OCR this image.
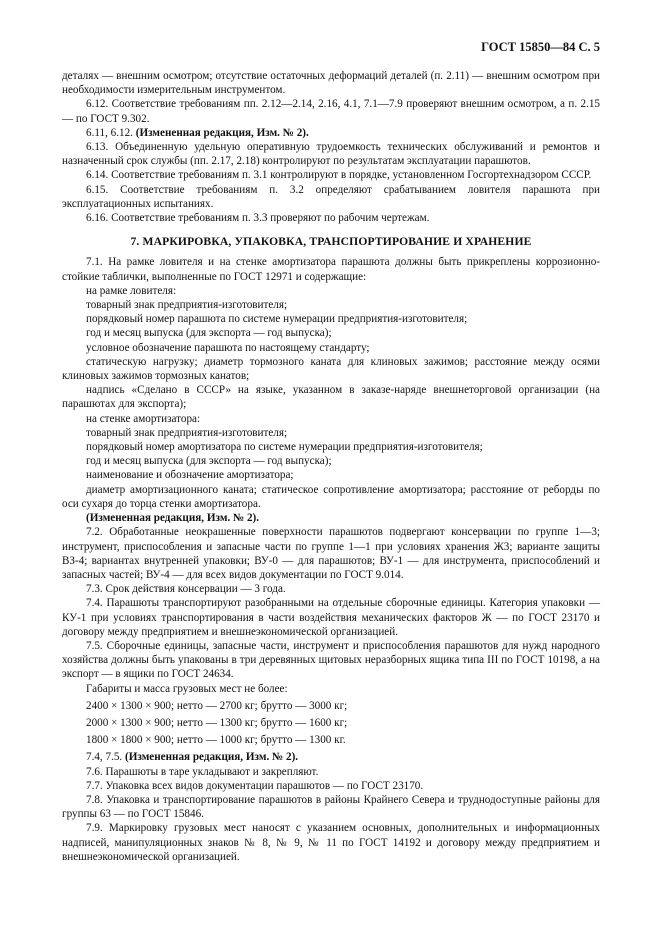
ГОСТ 15850—84 С. 5

деталях — внешним осмотром; отсутствие остаточных деформаций деталей (п. 2.11) — внешним осмотром при необходимости измерительным инструментом.

6.12. Соответствие требованиям пп. 2.12—2.14, 2.16, 4.1, 7.1—7.9 проверяют внешним осмотром, а п. 2.15 — по ГОСТ 9.302.

6.11, 6.12. (Измененная редакция, Изм. № 2).

6.13. Объединенную удельную оперативную трудоемкость технических обслуживаний и ремонтов и назначенный срок службы (пп. 2.17, 2.18) контролируют по результатам эксплуатации парашютов.

6.14. Соответствие требованиям п. 3.1 контролируют в порядке, установленном Госгортехнадзором СССР.

6.15. Соответствие требованиям п. 3.2 определяют срабатыванием ловителя парашюта при эксплуатационных испытаниях.

6.16. Соответствие требованиям п. 3.3 проверяют по рабочим чертежам.

7. МАРКИРОВКА, УПАКОВКА, ТРАНСПОРТИРОВАНИЕ И ХРАНЕНИЕ

7.1. На рамке ловителя и на стенке амортизатора парашюта должны быть прикреплены коррозионно-стойкие таблички, выполненные по ГОСТ 12971 и содержащие:

на рамке ловителя:

товарный знак предприятия-изготовителя;

порядковый номер парашюта по системе нумерации предприятия-изготовителя;

год и месяц выпуска (для экспорта — год выпуска);

условное обозначение парашюта по настоящему стандарту;

статическую нагрузку; диаметр тормозного каната для клиновых зажимов; расстояние между осями клиновых зажимов тормозных канатов;

надпись «Сделано в СССР» на языке, указанном в заказе-наряде внешнеторговой организации (на парашютах для экспорта);

на стенке амортизатора:

товарный знак предприятия-изготовителя;

порядковый номер амортизатора по системе нумерации предприятия-изготовителя;

год и месяц выпуска (для экспорта — год выпуска);

наименование и обозначение амортизатора;

диаметр амортизационного каната; статическое сопротивление амортизатора; расстояние от реборды по оси сухаря до торца стенки амортизатора.

(Измененная редакция, Изм. № 2).

7.2. Обработанные неокрашенные поверхности парашютов подвергают консервации по группе 1—3; инструмент, приспособления и запасные части по группе 1—1 при условиях хранения Ж3; варианте защиты ВЗ-4; вариантах внутренней упаковки; ВУ-0 — для парашютов; ВУ-1 — для инструмента, приспособлений и запасных частей; ВУ-4 — для всех видов документации по ГОСТ 9.014.

7.3. Срок действия консервации — 3 года.

7.4. Парашюты транспортируют разобранными на отдельные сборочные единицы. Категория упаковки — КУ-1 при условиях транспортирования в части воздействия механических факторов Ж — по ГОСТ 23170 и договору между предприятием и внешнеэкономической организацией.

7.5. Сборочные единицы, запасные части, инструмент и приспособления парашютов для нужд народного хозяйства должны быть упакованы в три деревянных щитовых неразборных ящика типа III по ГОСТ 10198, а на экспорт — в ящики по ГОСТ 24634.

Габариты и масса грузовых мест не более:

2400 × 1300 × 900; нетто — 2700 кг; брутто — 3000 кг;

2000 × 1300 × 900; нетто — 1300 кг; брутто — 1600 кг;

1800 × 1800 × 900; нетто — 1000 кг; брутто — 1300 кг.

7.4, 7.5. (Измененная редакция, Изм. № 2).

7.6. Парашюты в таре укладывают и закрепляют.

7.7. Упаковка всех видов документации парашютов — по ГОСТ 23170.

7.8. Упаковка и транспортирование парашютов в районы Крайнего Севера и труднодоступные районы для группы 63 — по ГОСТ 15846.

7.9. Маркировку грузовых мест наносят с указанием основных, дополнительных и информационных надписей, манипуляционных знаков № 8, № 9, № 11 по ГОСТ 14192 и договору между предприятием и внешнеэкономической организацией.
